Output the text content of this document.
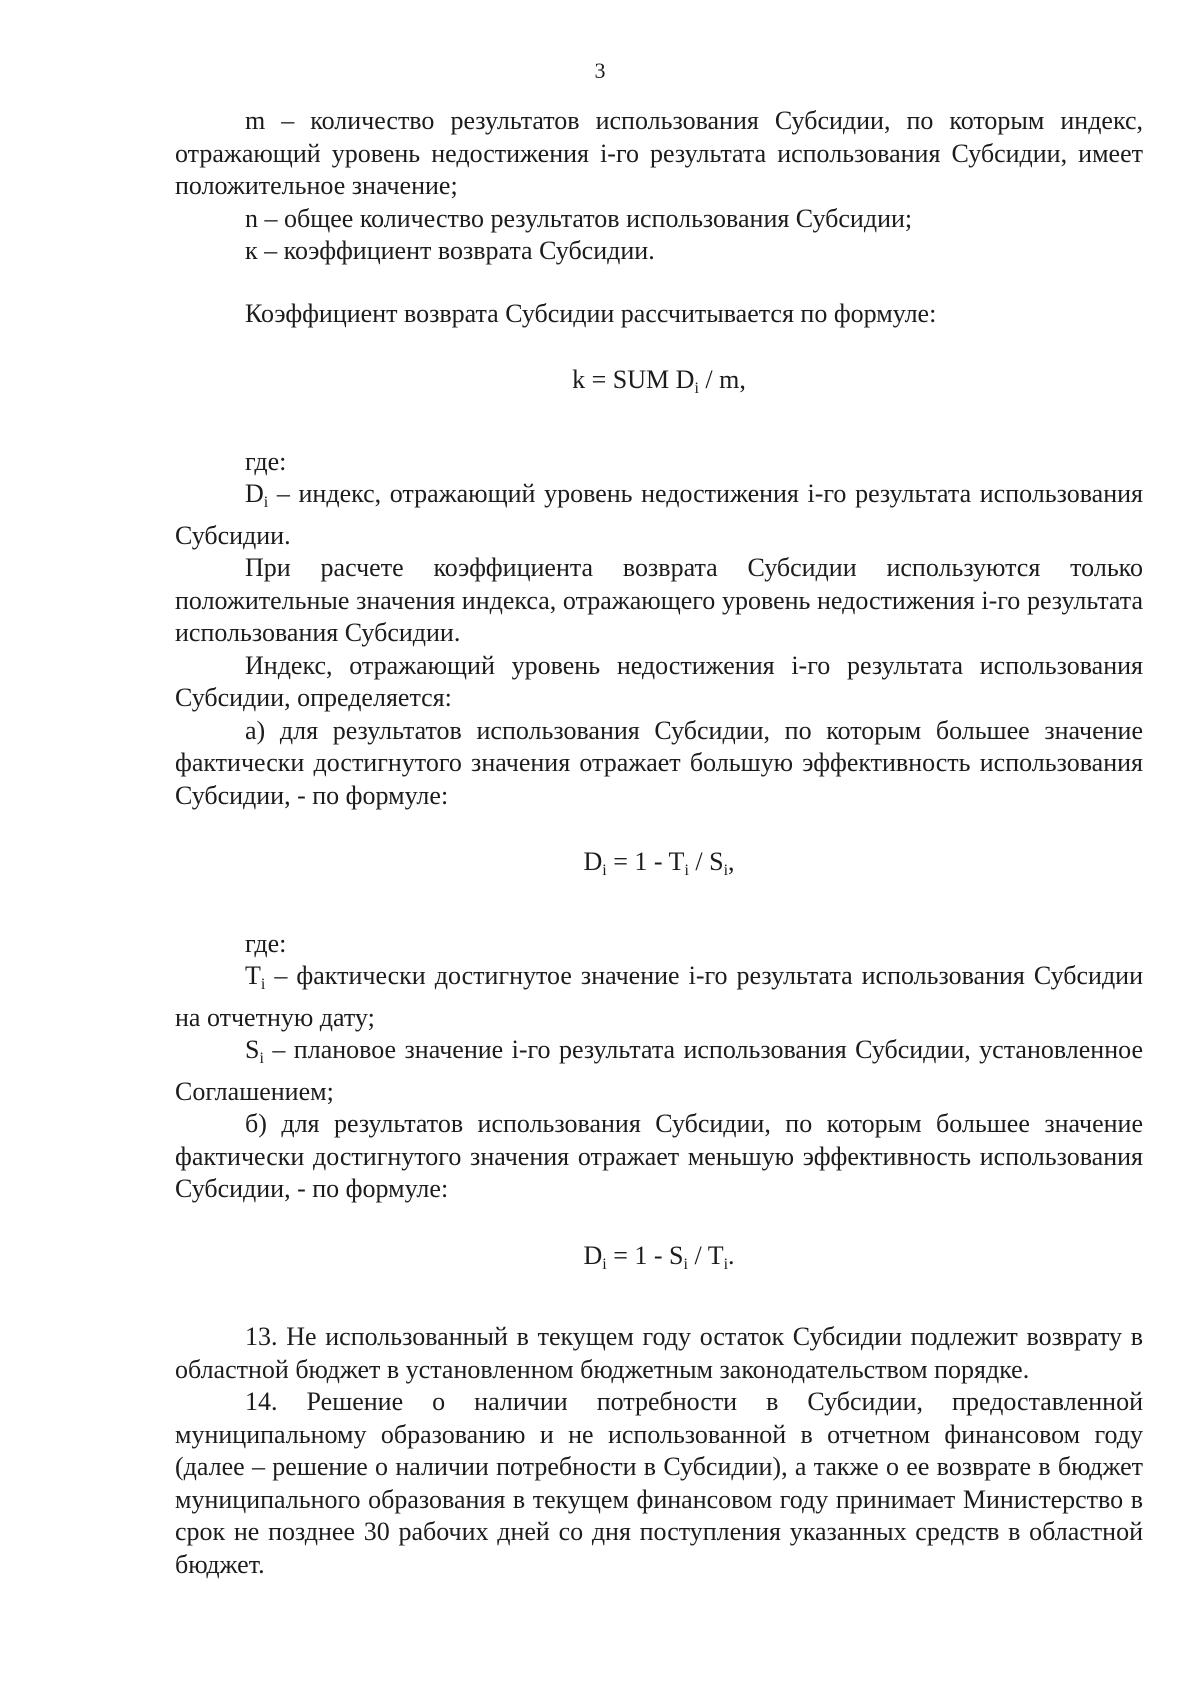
3

m – количество результатов использования Субсидии, по которым индекс, отражающий уровень недостижения i-го результата использования Субсидии, имеет положительное значение;

n – общее количество результатов использования Субсидии;

к – коэффициент возврата Субсидии.

Коэффициент возврата Субсидии рассчитывается по формуле:

k = SUM $D_i$ / m,

где:

$D_i$ – индекс, отражающий уровень недостижения i-го результата использования Субсидии.

При расчете коэффициента возврата Субсидии используются только положительные значения индекса, отражающего уровень недостижения i-го результата использования Субсидии.

Индекс, отражающий уровень недостижения i-го результата использования Субсидии, определяется:

а) для результатов использования Субсидии, по которым большее значение фактически достигнутого значения отражает большую эффективность использования Субсидии, - по формуле:

$D_i = 1 - T_i / S_i$,

где:

$T_i$ – фактически достигнутое значение i-го результата использования Субсидии на отчетную дату;

$S_i$ – плановое значение i-го результата использования Субсидии, установленное Соглашением;

б) для результатов использования Субсидии, по которым большее значение фактически достигнутого значения отражает меньшую эффективность использования Субсидии, - по формуле:

$D_i = 1 - S_i / T_i$.

13. Не использованный в текущем году остаток Субсидии подлежит возврату в областной бюджет в установленном бюджетным законодательством порядке.

14. Решение о наличии потребности в Субсидии, предоставленной муниципальному образованию и не использованной в отчетном финансовом году (далее – решение о наличии потребности в Субсидии), а также о ее возврате в бюджет муниципального образования в текущем финансовом году принимает Министерство в срок не позднее 30 рабочих дней со дня поступления указанных средств в областной бюджет.
